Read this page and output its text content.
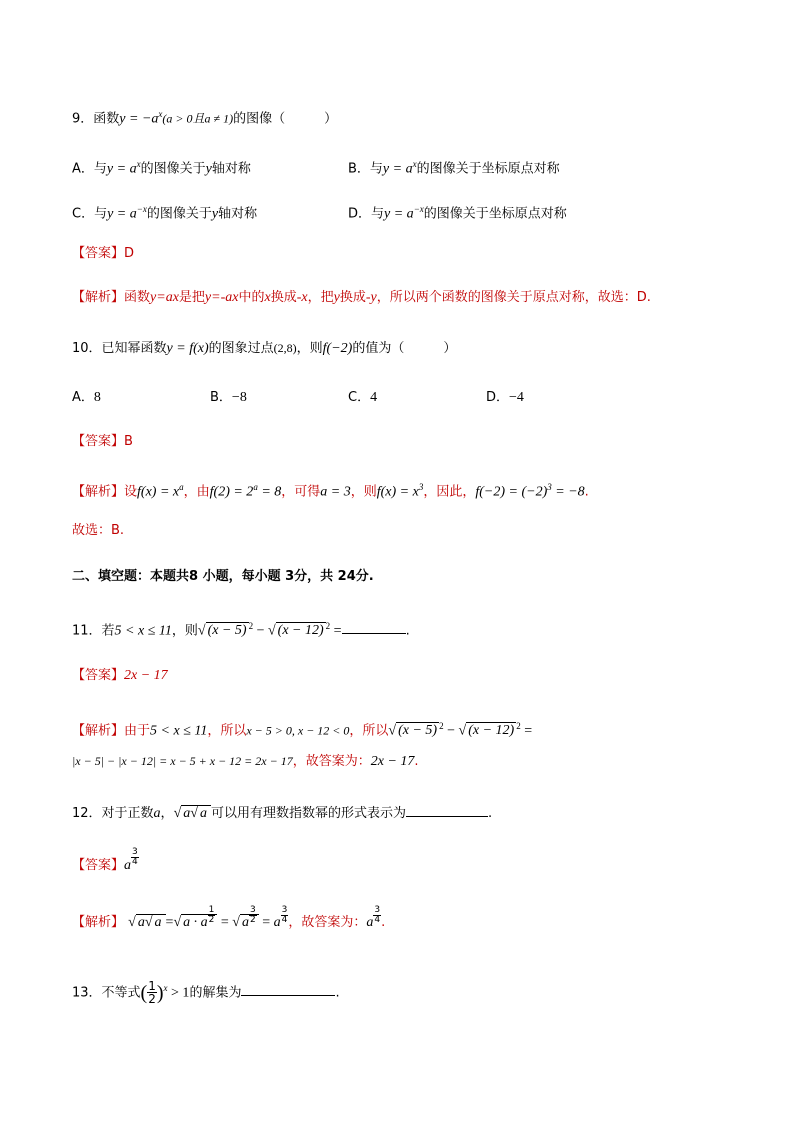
9．函数$y = -a^x(a > 0$且a ≠ 1)的图像（　　　）
A．与$y = a^x$的图像关于y轴对称	B．与$y = a^x$的图像关于坐标原点对称
C．与$y = a^{-x}$的图像关于y轴对称	D．与$y = a^{-x}$的图像关于坐标原点对称
【答案】D
【解析】函数y=ax是把y=-ax中的x换成-x，把y换成-y，所以两个函数的图像关于原点对称，故选：D.
10．已知幂函数y = f(x)的图象过点(2,8)，则f(−2)的值为（　　　）
A．8	B．−8	C．4	D．−4
【答案】B
【解析】设$f(x) = x^a$，由$f(2) = 2^a = 8$，可得a = 3，则$f(x) = x^3$，因此，$f(-2) = (-2)^3 = -8$.
故选：B.
二、填空题：本题共8 小题，每小题 3分，共 24分.
11．若5 < x ≤ 11，则√ (x − 5) $^2$ − √ (x − 12) $^2$ =	.
【答案】2x − 17
【解析】由于5 < x ≤ 11，所以x − 5 > 0, x − 12 < 0，所以√ (x − 5) $^2$ − √ (x − 12) $^2$ =
|x − 5| − |x − 12| = x − 5 + x − 12 = 2x − 17，故答案为：2x − 17.
12．对于正数a，√ a√ a 可以用有理数指数幂的形式表示为	.
【答案】a $\frac{3}{4}$
【解析】 √ a√ a =√ a · a $\frac{1}{2}$ = √ a $\frac{3}{2} = a \frac{3}{4}$ ，故答案为：a $\frac{3}{4}$ .
13．不等式( $\frac{1}{2} )^x > 1$的解集为	.
